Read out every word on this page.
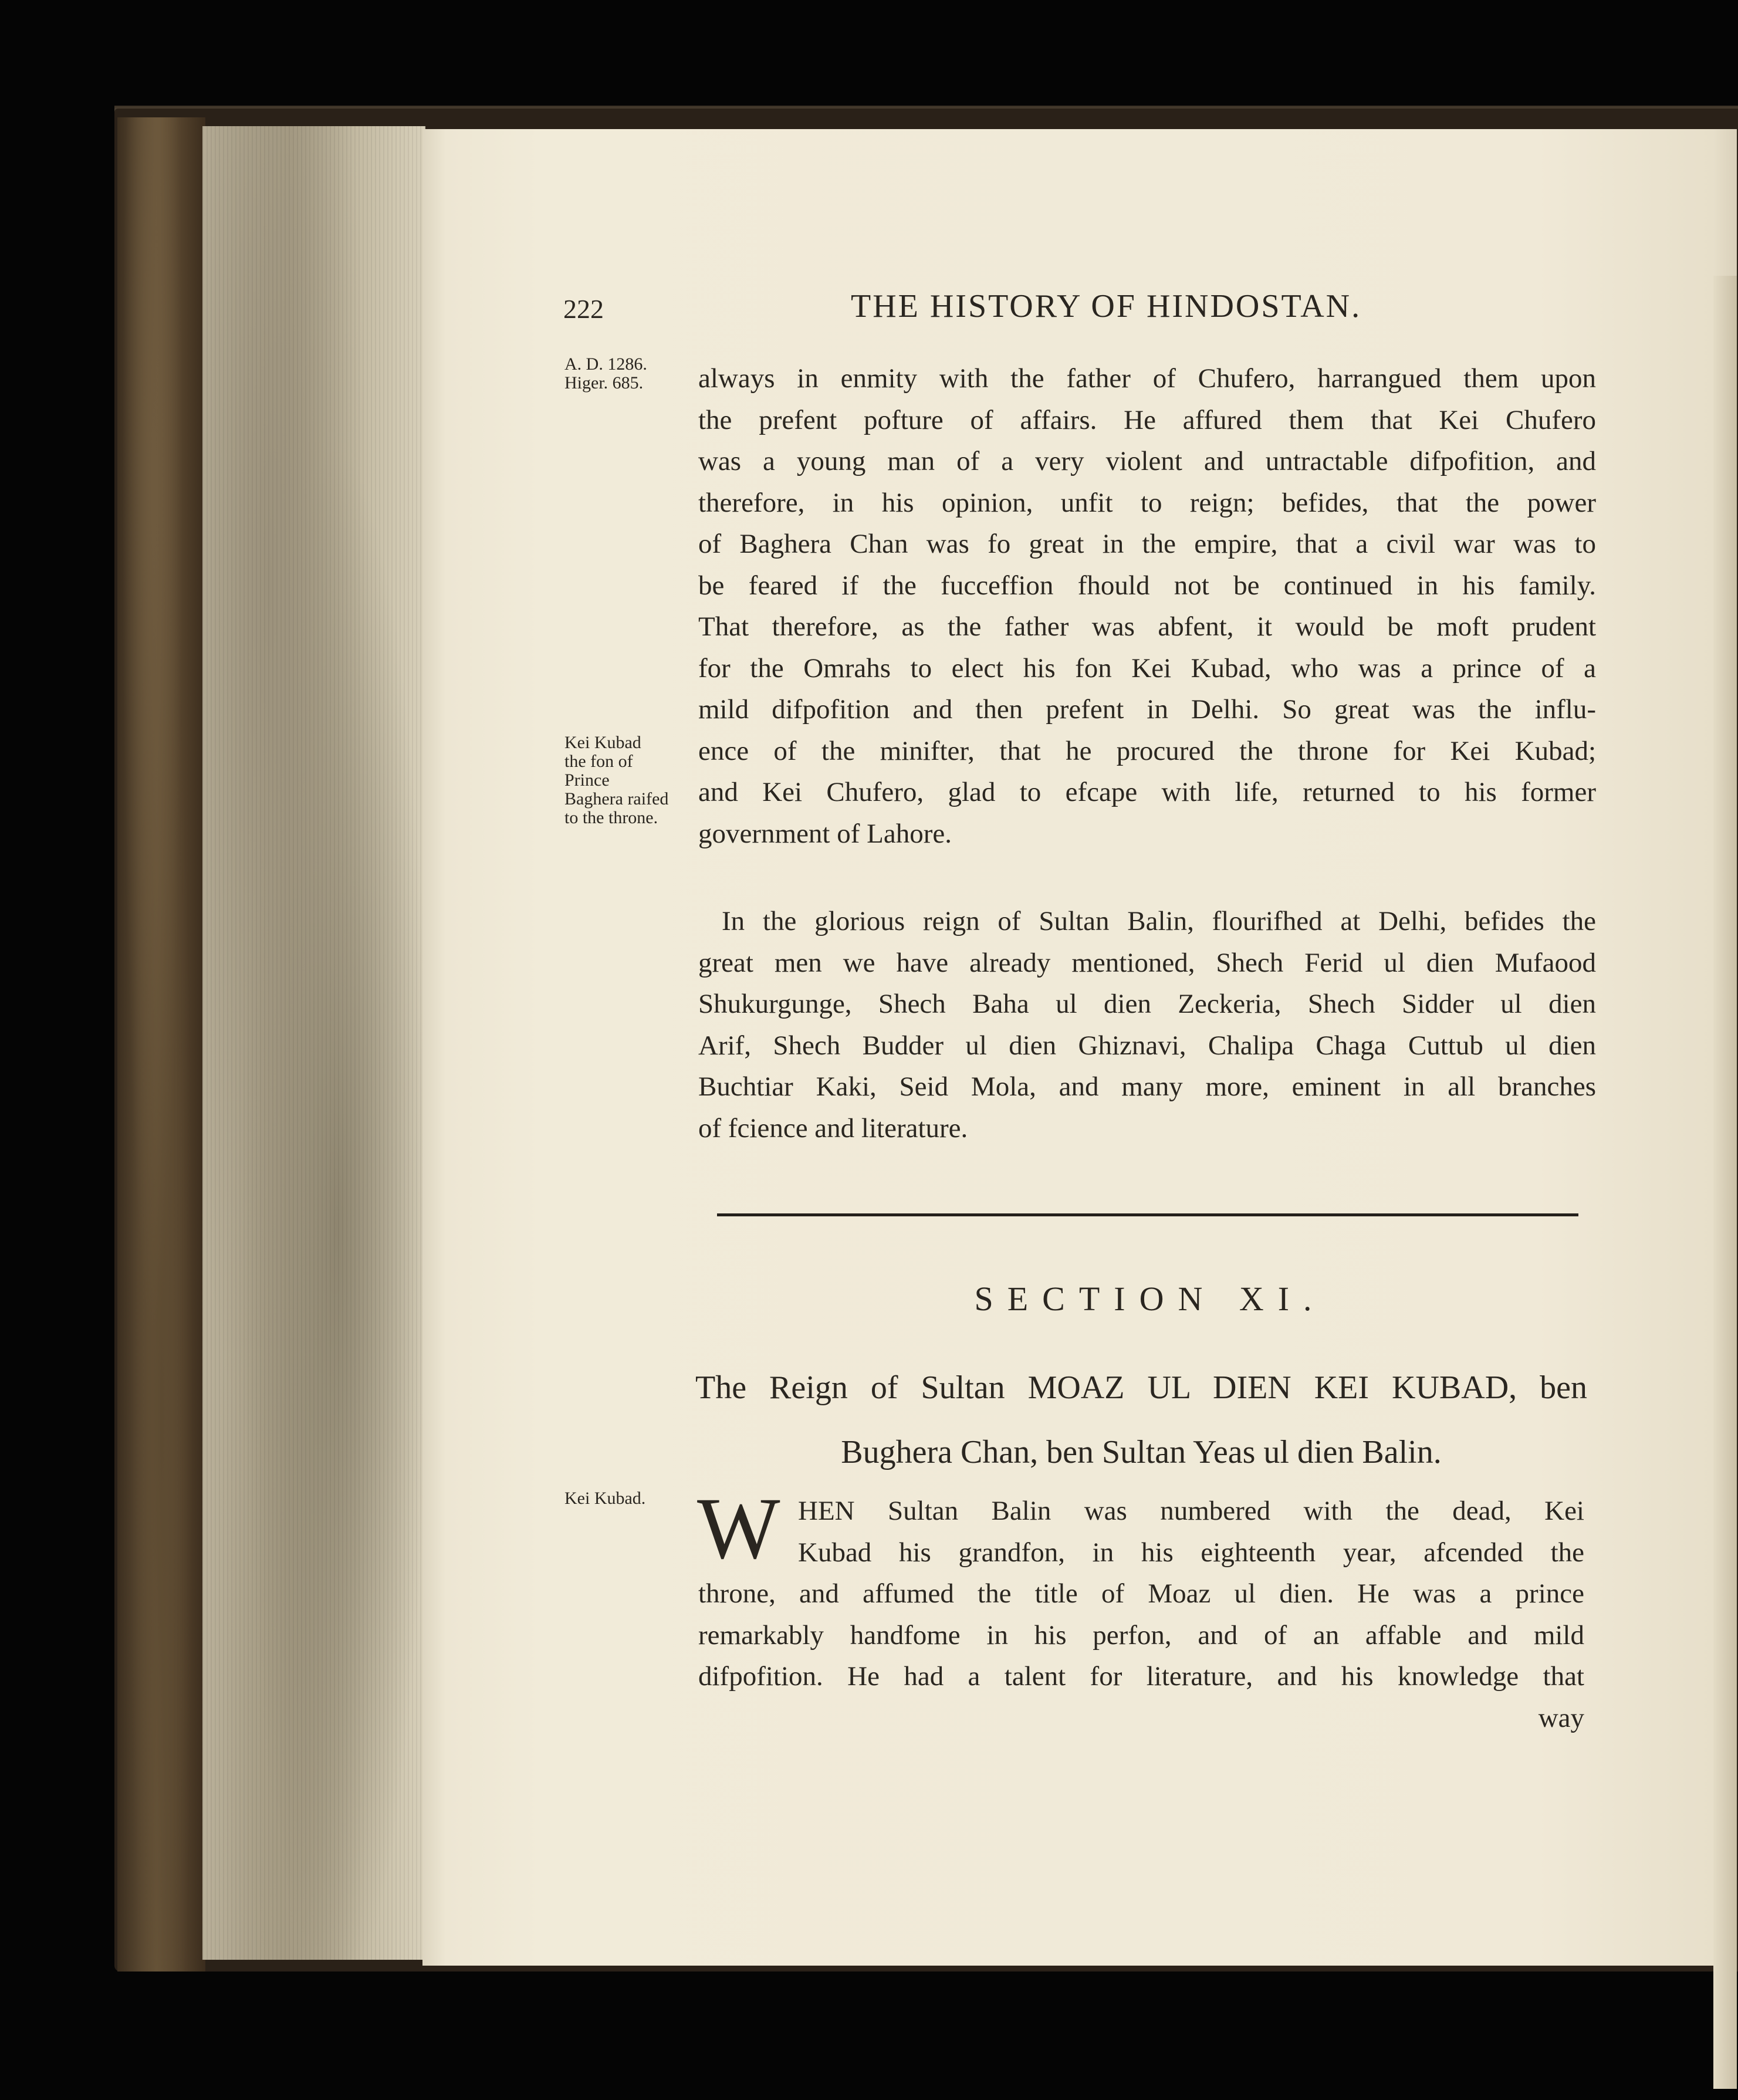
222	THE HISTORY OF HINDOSTAN.
A. D. 1286.
Higer. 685.
Kei Kubad
the fon of
Prince
Baghera raifed
to the throne.
Kei Kubad.
always in enmity with the father of Chufero, harrangued them upon
the prefent pofture of affairs. He affured them that Kei Chufero
was a young man of a very violent and untractable difpofition, and
therefore, in his opinion, unfit to reign; befides, that the power
of Baghera Chan was fo great in the empire, that a civil war was to
be feared if the fucceffion fhould not be continued in his family.
That therefore, as the father was abfent, it would be moft prudent
for the Omrahs to elect his fon Kei Kubad, who was a prince of a
mild difpofition and then prefent in Delhi. So great was the influ-
ence of the minifter, that he procured the throne for Kei Kubad;
and Kei Chufero, glad to efcape with life, returned to his former
government of Lahore.
In the glorious reign of Sultan Balin, flourifhed at Delhi, befides the
great men we have already mentioned, Shech Ferid ul dien Mufaood
Shukurgunge, Shech Baha ul dien Zeckeria, Shech Sidder ul dien
Arif, Shech Budder ul dien Ghiznavi, Chalipa Chaga Cuttub ul dien
Buchtiar Kaki, Seid Mola, and many more, eminent in all branches
of fcience and literature.
SECTION XI.
The Reign of Sultan MOAZ UL DIEN KEI KUBAD, ben
Bughera Chan, ben Sultan Yeas ul dien Balin.
W HEN Sultan Balin was numbered with the dead, Kei
Kubad his grandfon, in his eighteenth year, afcended the
throne, and affumed the title of Moaz ul dien. He was a prince
remarkably handfome in his perfon, and of an affable and mild
difpofition. He had a talent for literature, and his knowledge that
way
